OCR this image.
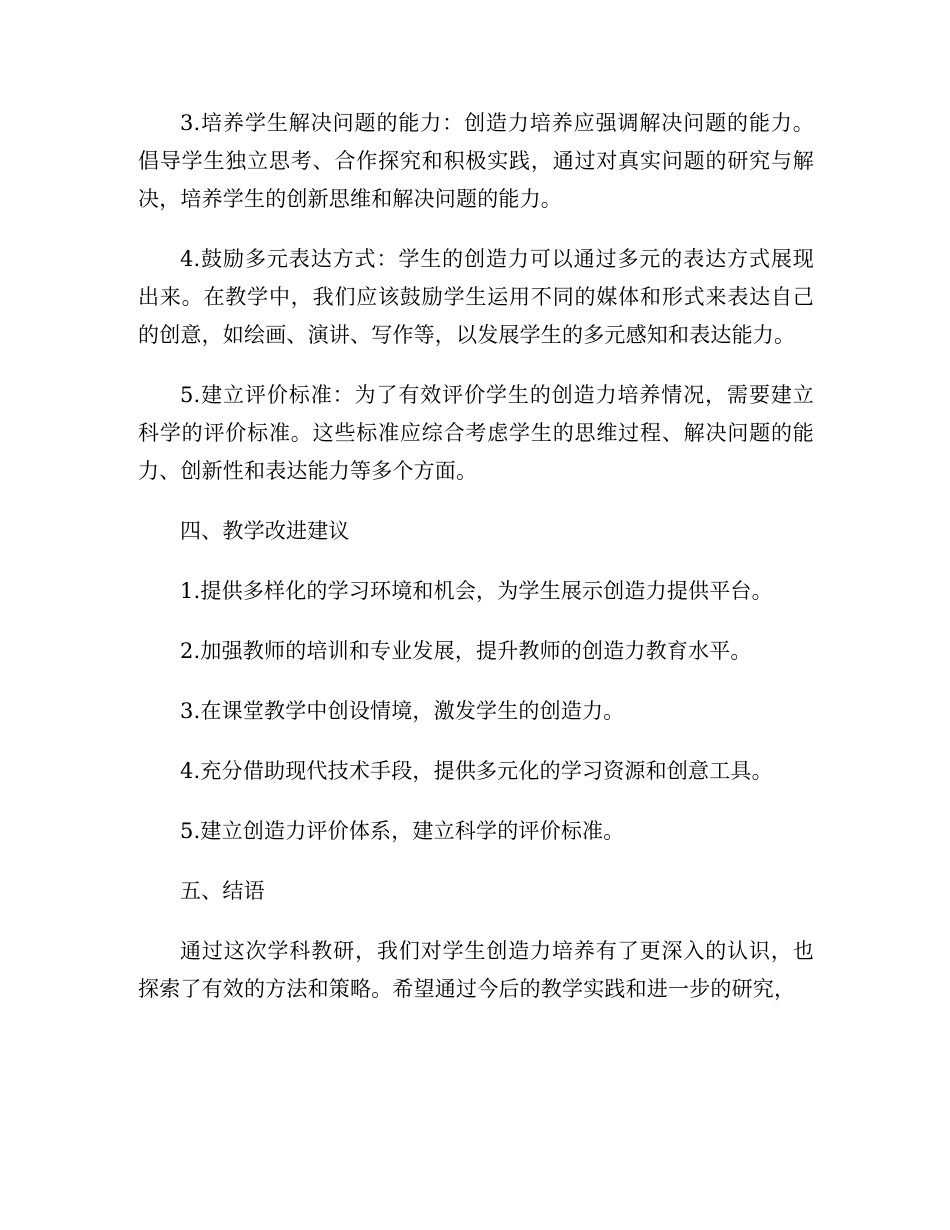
3.培养学生解决问题的能力：创造力培养应强调解决问题的能力。倡导学生独立思考、合作探究和积极实践，通过对真实问题的研究与解决，培养学生的创新思维和解决问题的能力。

4.鼓励多元表达方式：学生的创造力可以通过多元的表达方式展现出来。在教学中，我们应该鼓励学生运用不同的媒体和形式来表达自己的创意，如绘画、演讲、写作等，以发展学生的多元感知和表达能力。

5.建立评价标准：为了有效评价学生的创造力培养情况，需要建立科学的评价标准。这些标准应综合考虑学生的思维过程、解决问题的能力、创新性和表达能力等多个方面。

四、教学改进建议

1.提供多样化的学习环境和机会，为学生展示创造力提供平台。

2.加强教师的培训和专业发展，提升教师的创造力教育水平。

3.在课堂教学中创设情境，激发学生的创造力。

4.充分借助现代技术手段，提供多元化的学习资源和创意工具。

5.建立创造力评价体系，建立科学的评价标准。

五、结语

通过这次学科教研，我们对学生创造力培养有了更深入的认识，也探索了有效的方法和策略。希望通过今后的教学实践和进一步的研究，
